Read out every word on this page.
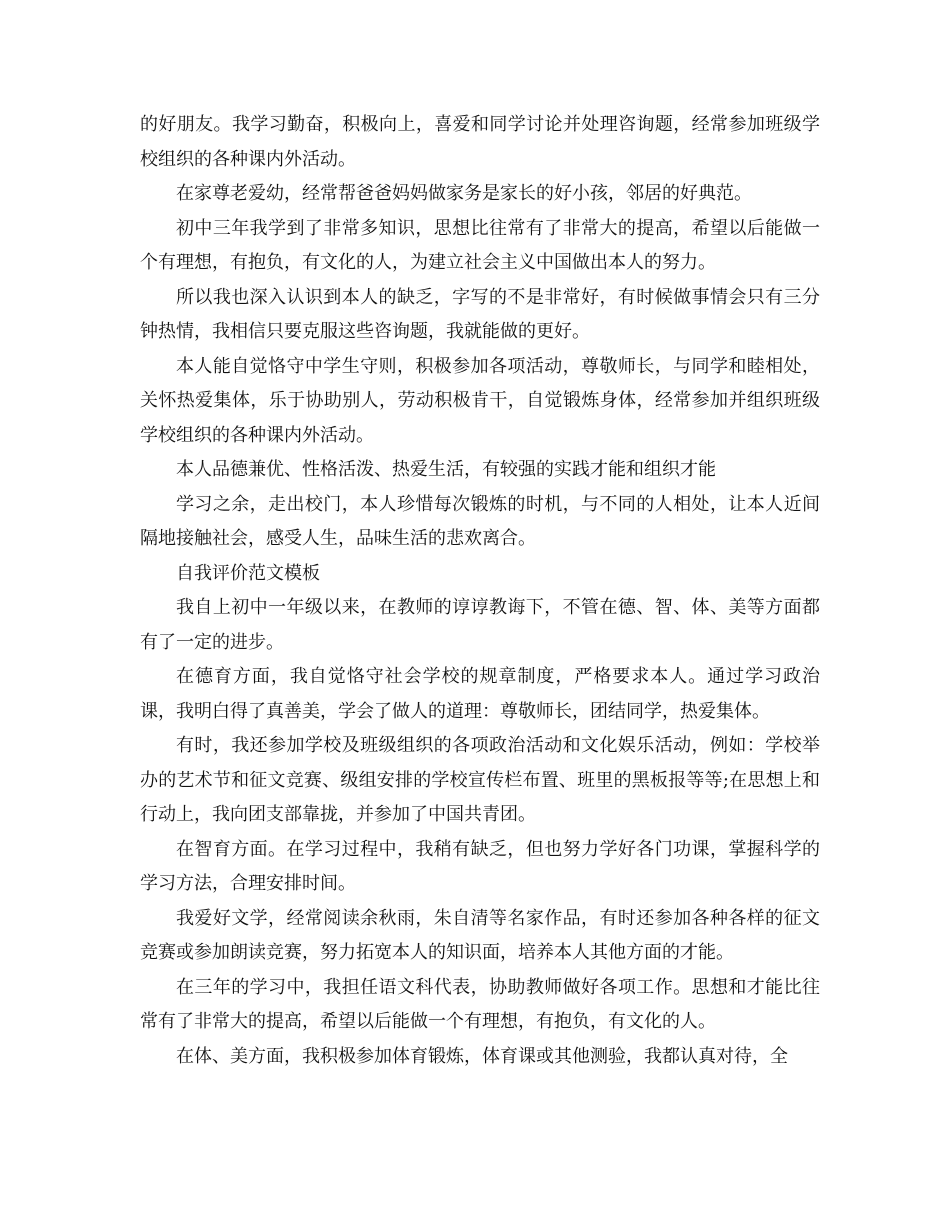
的好朋友。我学习勤奋，积极向上，喜爱和同学讨论并处理咨询题，经常参加班级学校组织的各种课内外活动。

在家尊老爱幼，经常帮爸爸妈妈做家务是家长的好小孩，邻居的好典范。

初中三年我学到了非常多知识，思想比往常有了非常大的提高，希望以后能做一个有理想，有抱负，有文化的人，为建立社会主义中国做出本人的努力。

所以我也深入认识到本人的缺乏，字写的不是非常好，有时候做事情会只有三分钟热情，我相信只要克服这些咨询题，我就能做的更好。

本人能自觉恪守中学生守则，积极参加各项活动，尊敬师长，与同学和睦相处，关怀热爱集体，乐于协助别人，劳动积极肯干，自觉锻炼身体，经常参加并组织班级学校组织的各种课内外活动。

本人品德兼优、性格活泼、热爱生活，有较强的实践才能和组织才能

学习之余，走出校门，本人珍惜每次锻炼的时机，与不同的人相处，让本人近间隔地接触社会，感受人生，品味生活的悲欢离合。

自我评价范文模板

我自上初中一年级以来，在教师的谆谆教诲下，不管在德、智、体、美等方面都有了一定的进步。

在德育方面，我自觉恪守社会学校的规章制度，严格要求本人。通过学习政治课，我明白得了真善美，学会了做人的道理：尊敬师长，团结同学，热爱集体。

有时，我还参加学校及班级组织的各项政治活动和文化娱乐活动，例如：学校举办的艺术节和征文竞赛、级组安排的学校宣传栏布置、班里的黑板报等等;在思想上和行动上，我向团支部靠拢，并参加了中国共青团。

在智育方面。在学习过程中，我稍有缺乏，但也努力学好各门功课，掌握科学的学习方法，合理安排时间。

我爱好文学，经常阅读余秋雨，朱自清等名家作品，有时还参加各种各样的征文竞赛或参加朗读竞赛，努力拓宽本人的知识面，培养本人其他方面的才能。

在三年的学习中，我担任语文科代表，协助教师做好各项工作。思想和才能比往常有了非常大的提高，希望以后能做一个有理想，有抱负，有文化的人。

在体、美方面，我积极参加体育锻炼，体育课或其他测验，我都认真对待，全
